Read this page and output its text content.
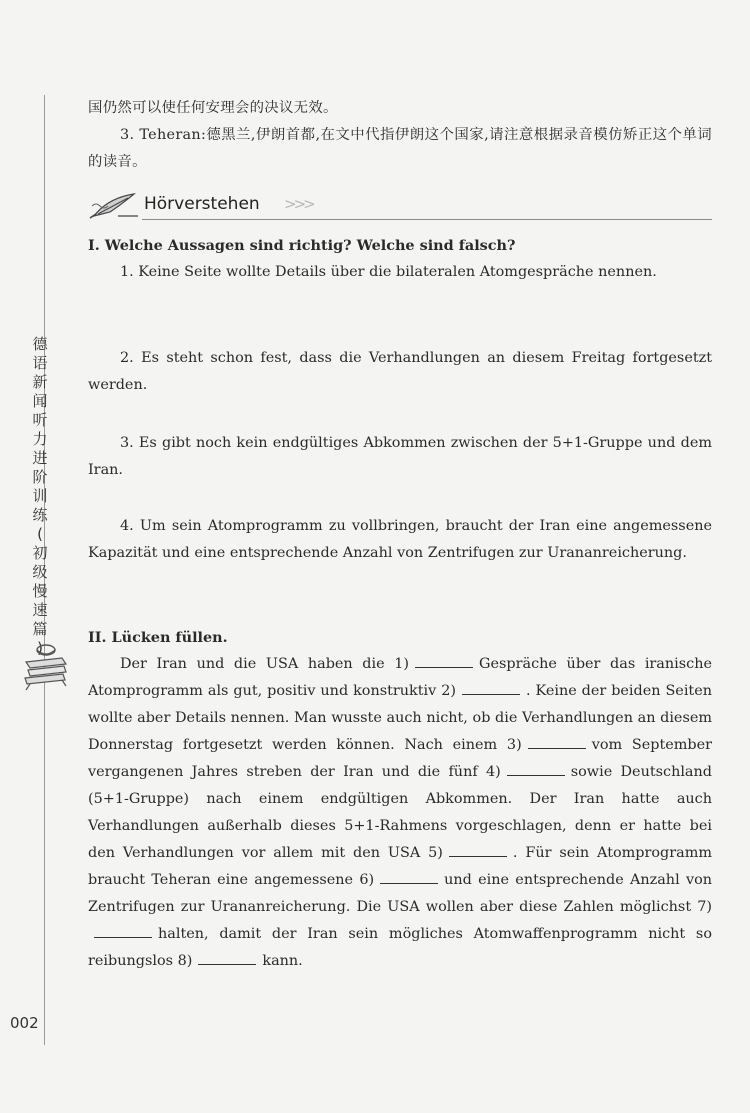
德
语
新
闻
听
力
进
阶
训
练
(
初
级
慢
速
篇
)
002

国仍然可以使任何安理会的决议无效。

3. Teheran:德黑兰,伊朗首都,在文中代指伊朗这个国家,请注意根据录音模仿矫正这个单词的读音。

Hörverstehen >>>

I. Welche Aussagen sind richtig? Welche sind falsch?

1. Keine Seite wollte Details über die bilateralen Atomgespräche nennen.

2. Es steht schon fest, dass die Verhandlungen an diesem Freitag fortgesetzt werden.

3. Es gibt noch kein endgültiges Abkommen zwischen der 5+1-Gruppe und dem Iran.

4. Um sein Atomprogramm zu vollbringen, braucht der Iran eine angemessene Kapazität und eine entsprechende Anzahl von Zentrifugen zur Urananreicherung.

II. Lücken füllen.

Der Iran und die USA haben die 1)	Gespräche über das iranische Atomprogramm als gut, positiv und konstruktiv 2)	. Keine der beiden Seiten wollte aber Details nennen. Man wusste auch nicht, ob die Verhandlungen an diesem Donnerstag fortgesetzt werden können. Nach einem 3)	vom September vergangenen Jahres streben der Iran und die fünf 4)	sowie Deutschland (5+1-Gruppe) nach einem endgültigen Abkommen. Der Iran hatte auch Verhandlungen außerhalb dieses 5+1-Rahmens vorgeschlagen, denn er hatte bei den Verhandlungen vor allem mit den USA 5)	. Für sein Atomprogramm braucht Teheran eine angemessene 6)	und eine entsprechende Anzahl von Zentrifugen zur Urananreicherung. Die USA wollen aber diese Zahlen möglichst 7)halten, damit der Iran sein mögliches Atomwaffenprogramm nicht so reibungslos 8)	kann.
